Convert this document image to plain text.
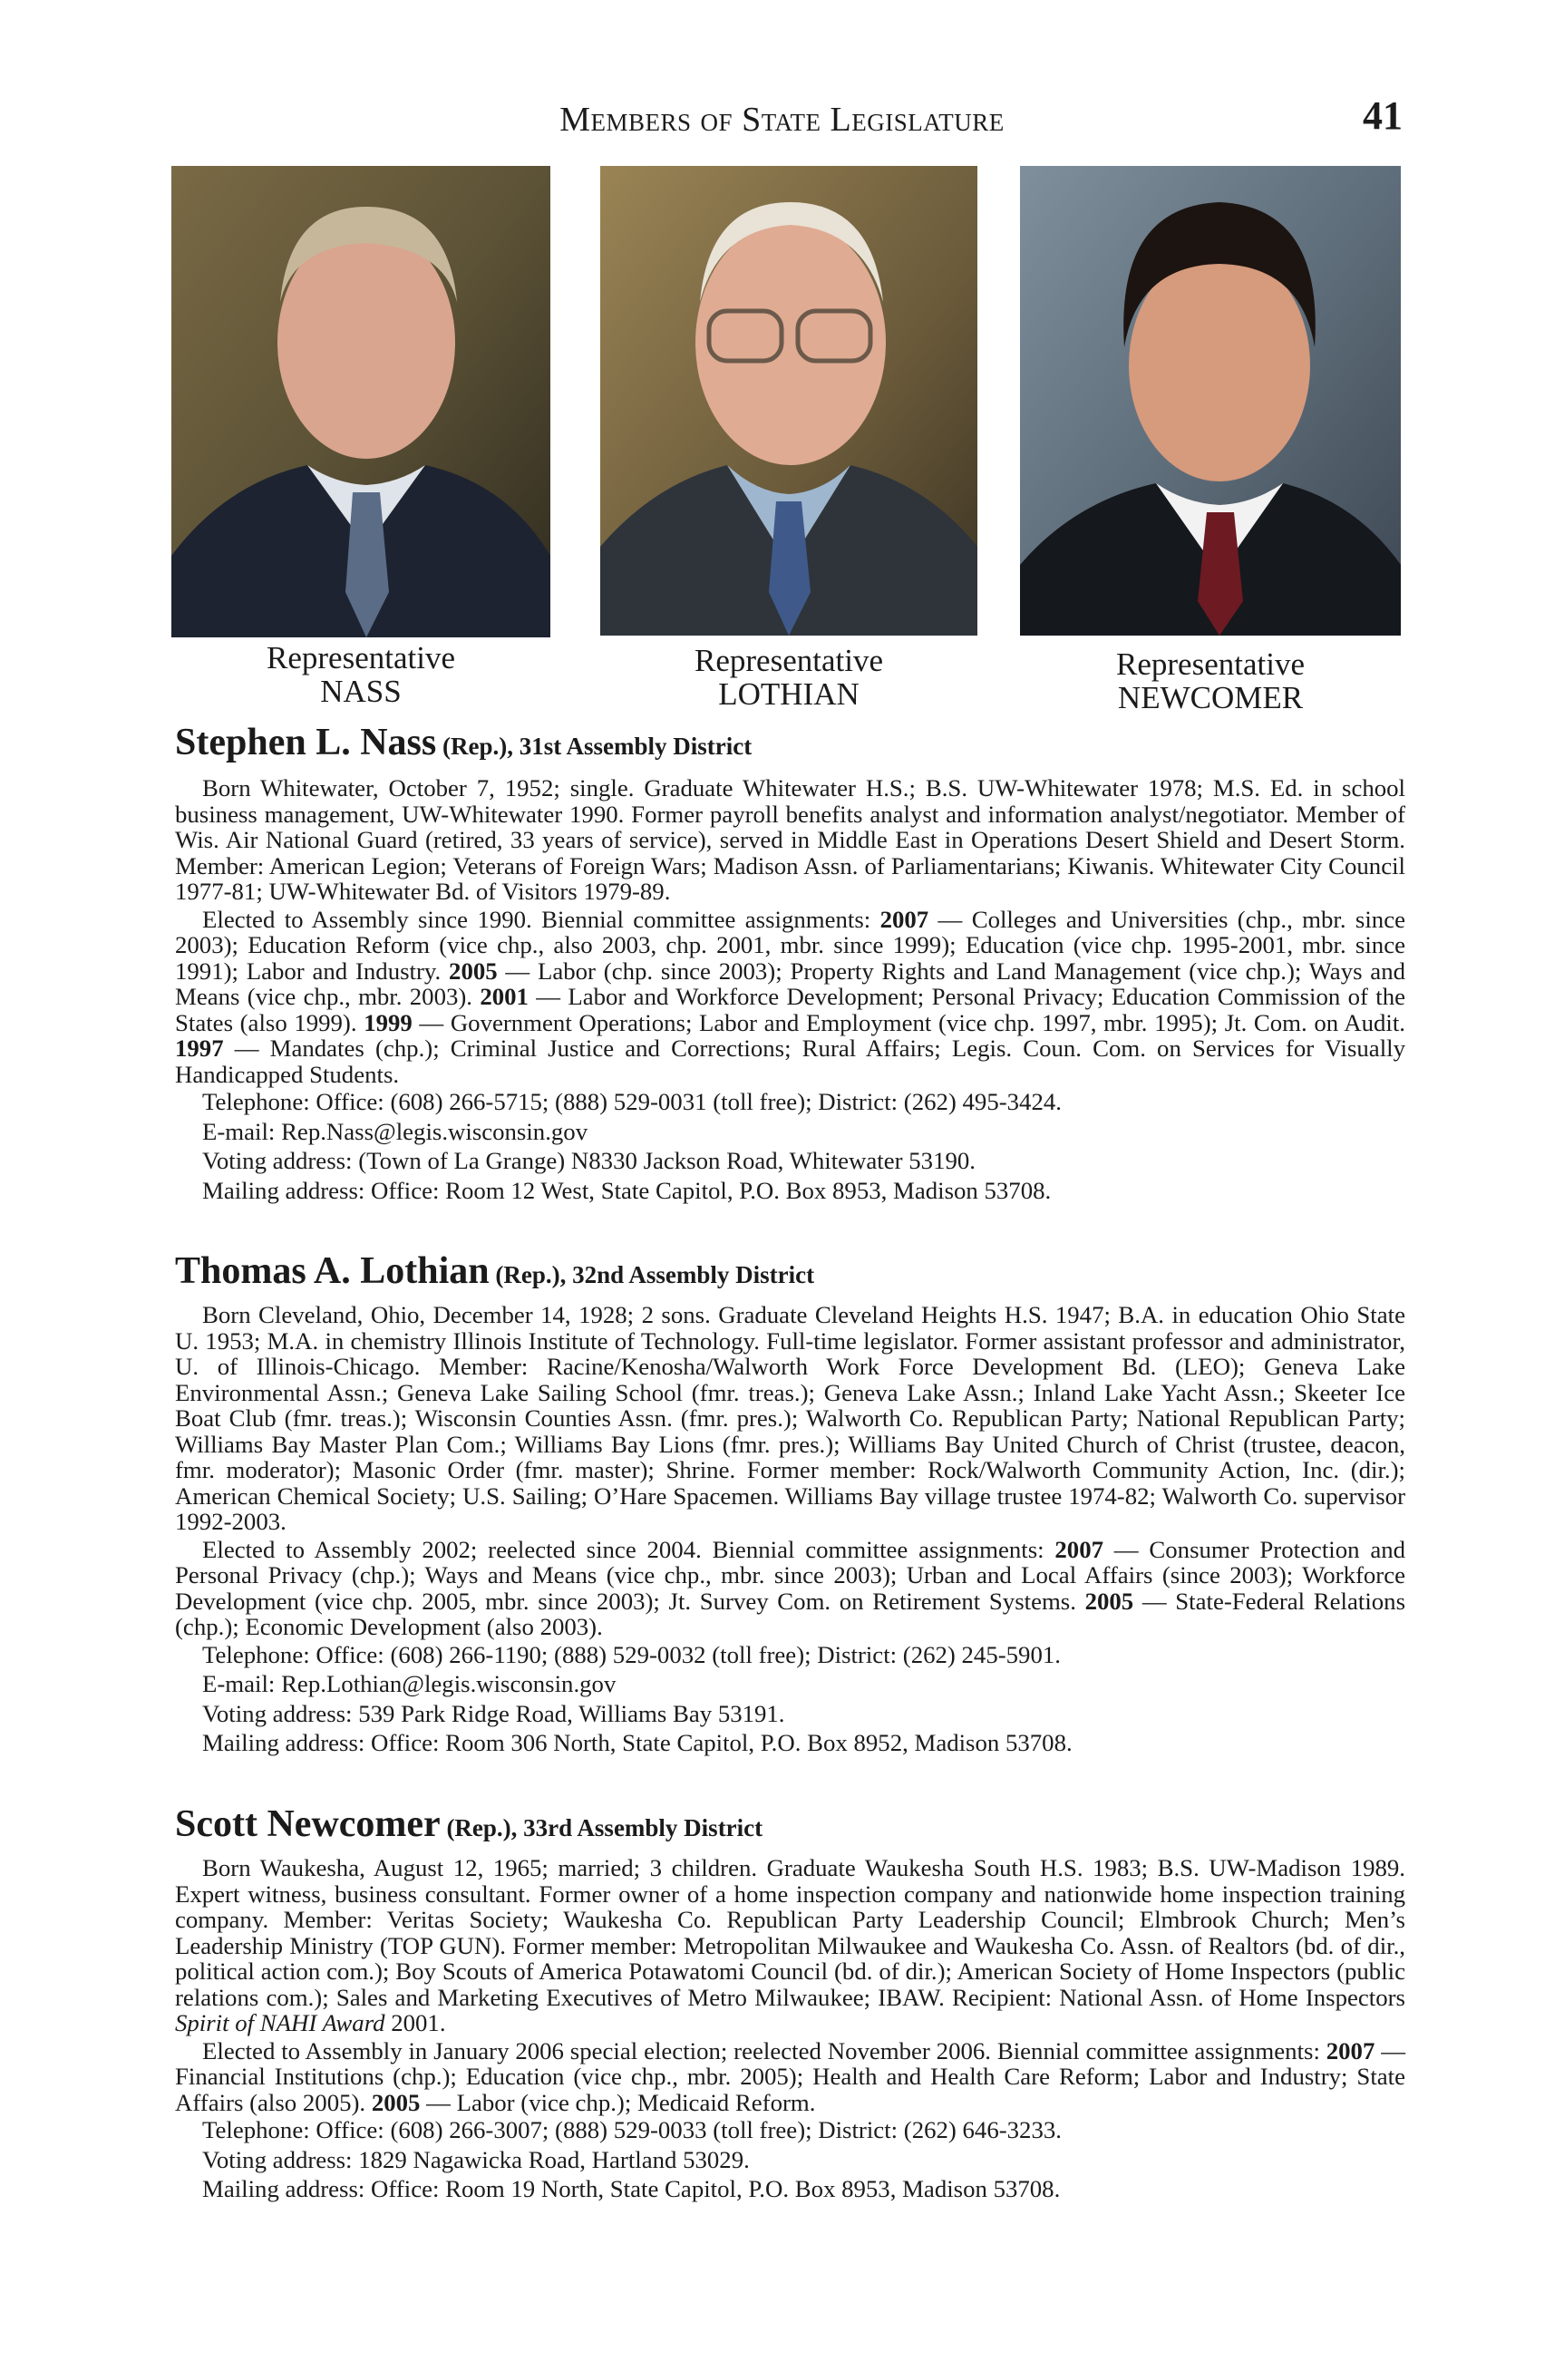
Members of State Legislature	41
Representative
NASS
Representative
LOTHIAN
Representative
NEWCOMER
Stephen L. Nass (Rep.), 31st Assembly District

Born Whitewater, October 7, 1952; single. Graduate Whitewater H.S.; B.S. UW-Whitewater 1978; M.S. Ed. in school business management, UW-Whitewater 1990. Former payroll benefits analyst and information analyst/negotiator. Member of Wis. Air National Guard (retired, 33 years of service), served in Middle East in Operations Desert Shield and Desert Storm. Member: American Legion; Veterans of Foreign Wars; Madison Assn. of Parliamentarians; Kiwanis. Whitewater City Council 1977-81; UW-Whitewater Bd. of Visitors 1979-89.

Elected to Assembly since 1990. Biennial committee assignments: 2007 — Colleges and Universities (chp., mbr. since 2003); Education Reform (vice chp., also 2003, chp. 2001, mbr. since 1999); Education (vice chp. 1995-2001, mbr. since 1991); Labor and Industry. 2005 — Labor (chp. since 2003); Property Rights and Land Management (vice chp.); Ways and Means (vice chp., mbr. 2003). 2001 — Labor and Workforce Development; Personal Privacy; Education Commission of the States (also 1999). 1999 — Government Operations; Labor and Employment (vice chp. 1997, mbr. 1995); Jt. Com. on Audit. 1997 — Mandates (chp.); Criminal Justice and Corrections; Rural Affairs; Legis. Coun. Com. on Services for Visually Handicapped Students.

Telephone: Office: (608) 266-5715; (888) 529-0031 (toll free); District: (262) 495-3424.

E-mail: Rep.Nass@legis.wisconsin.gov

Voting address: (Town of La Grange) N8330 Jackson Road, Whitewater 53190.

Mailing address: Office: Room 12 West, State Capitol, P.O. Box 8953, Madison 53708.

Thomas A. Lothian (Rep.), 32nd Assembly District

Born Cleveland, Ohio, December 14, 1928; 2 sons. Graduate Cleveland Heights H.S. 1947; B.A. in education Ohio State U. 1953; M.A. in chemistry Illinois Institute of Technology. Full-time legislator. Former assistant professor and administrator, U. of Illinois-Chicago. Member: Racine/Kenosha/Walworth Work Force Development Bd. (LEO); Geneva Lake Environmental Assn.; Geneva Lake Sailing School (fmr. treas.); Geneva Lake Assn.; Inland Lake Yacht Assn.; Skeeter Ice Boat Club (fmr. treas.); Wisconsin Counties Assn. (fmr. pres.); Walworth Co. Republican Party; National Republican Party; Williams Bay Master Plan Com.; Williams Bay Lions (fmr. pres.); Williams Bay United Church of Christ (trustee, deacon, fmr. moderator); Masonic Order (fmr. master); Shrine. Former member: Rock/Walworth Community Action, Inc. (dir.); American Chemical Society; U.S. Sailing; O’Hare Spacemen. Williams Bay village trustee 1974-82; Walworth Co. supervisor 1992-2003.

Elected to Assembly 2002; reelected since 2004. Biennial committee assignments: 2007 — Consumer Protection and Personal Privacy (chp.); Ways and Means (vice chp., mbr. since 2003); Urban and Local Affairs (since 2003); Workforce Development (vice chp. 2005, mbr. since 2003); Jt. Survey Com. on Retirement Systems. 2005 — State-Federal Relations (chp.); Economic Development (also 2003).

Telephone: Office: (608) 266-1190; (888) 529-0032 (toll free); District: (262) 245-5901.

E-mail: Rep.Lothian@legis.wisconsin.gov

Voting address: 539 Park Ridge Road, Williams Bay 53191.

Mailing address: Office: Room 306 North, State Capitol, P.O. Box 8952, Madison 53708.

Scott Newcomer (Rep.), 33rd Assembly District

Born Waukesha, August 12, 1965; married; 3 children. Graduate Waukesha South H.S. 1983; B.S. UW-Madison 1989. Expert witness, business consultant. Former owner of a home inspection company and nationwide home inspection training company. Member: Veritas Society; Waukesha Co. Republican Party Leadership Council; Elmbrook Church; Men’s Leadership Ministry (TOP GUN). Former member: Metropolitan Milwaukee and Waukesha Co. Assn. of Realtors (bd. of dir., political action com.); Boy Scouts of America Potawatomi Council (bd. of dir.); American Society of Home Inspectors (public relations com.); Sales and Marketing Executives of Metro Milwaukee; IBAW. Recipient: National Assn. of Home Inspectors Spirit of NAHI Award 2001.

Elected to Assembly in January 2006 special election; reelected November 2006. Biennial committee assignments: 2007 — Financial Institutions (chp.); Education (vice chp., mbr. 2005); Health and Health Care Reform; Labor and Industry; State Affairs (also 2005). 2005 — Labor (vice chp.); Medicaid Reform.

Telephone: Office: (608) 266-3007; (888) 529-0033 (toll free); District: (262) 646-3233.

Voting address: 1829 Nagawicka Road, Hartland 53029.

Mailing address: Office: Room 19 North, State Capitol, P.O. Box 8953, Madison 53708.
